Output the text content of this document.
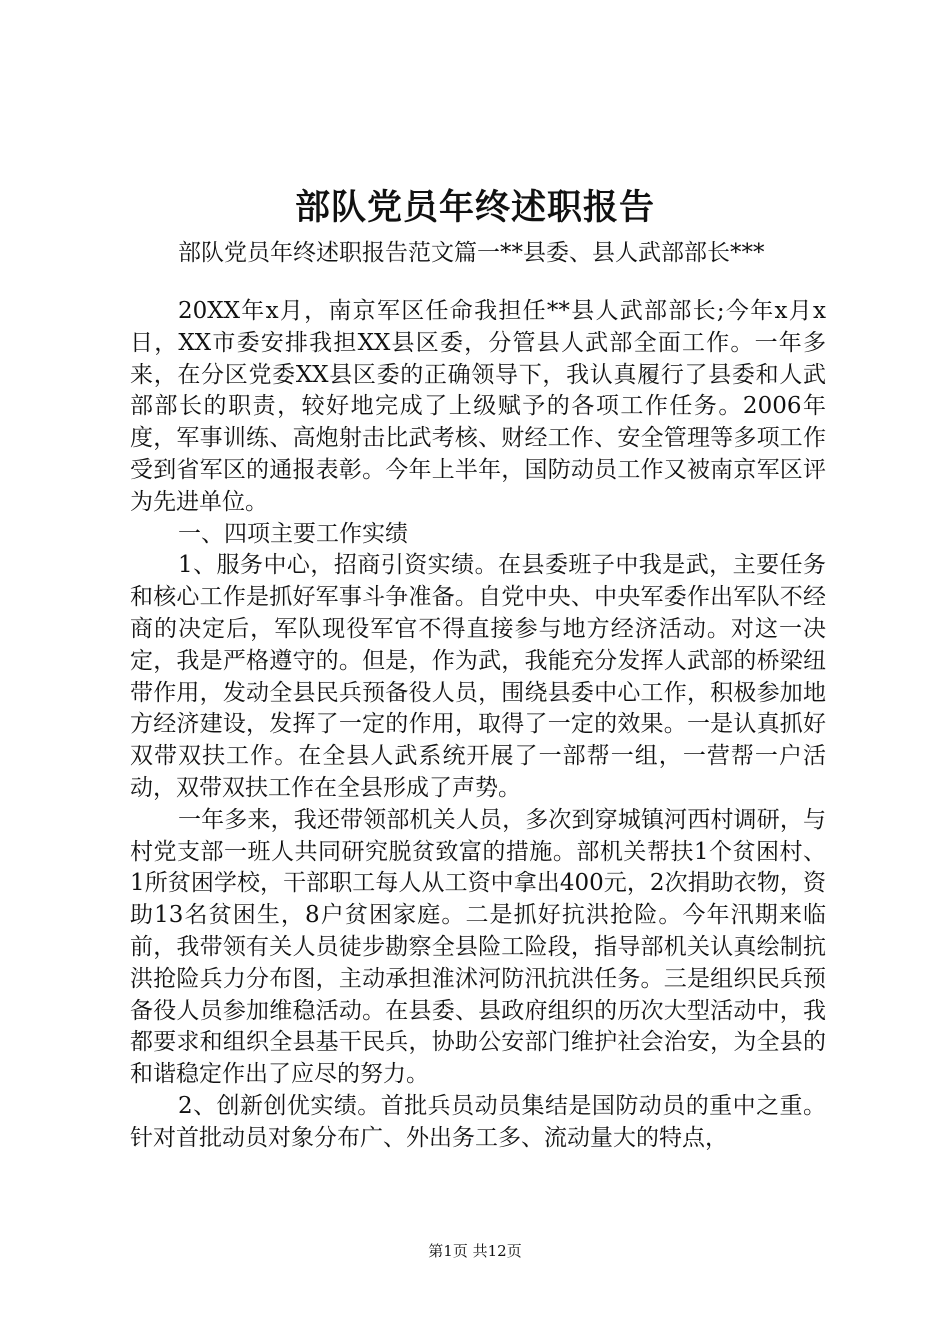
部队党员年终述职报告
部队党员年终述职报告范文篇一**县委、县人武部部长***

20XX年x月，南京军区任命我担任**县人武部部长;今年x月x日，XX市委安排我担XX县区委，分管县人武部全面工作。一年多来，在分区党委XX县区委的正确领导下，我认真履行了县委和人武部部长的职责，较好地完成了上级赋予的各项工作任务。2006年度，军事训练、高炮射击比武考核、财经工作、安全管理等多项工作受到省军区的通报表彰。今年上半年，国防动员工作又被南京军区评为先进单位。

一、四项主要工作实绩

1、服务中心，招商引资实绩。在县委班子中我是武，主要任务和核心工作是抓好军事斗争准备。自党中央、中央军委作出军队不经商的决定后，军队现役军官不得直接参与地方经济活动。对这一决定，我是严格遵守的。但是，作为武，我能充分发挥人武部的桥梁纽带作用，发动全县民兵预备役人员，围绕县委中心工作，积极参加地方经济建设，发挥了一定的作用，取得了一定的效果。一是认真抓好双带双扶工作。在全县人武系统开展了一部帮一组，一营帮一户活动，双带双扶工作在全县形成了声势。

一年多来，我还带领部机关人员，多次到穿城镇河西村调研，与村党支部一班人共同研究脱贫致富的措施。部机关帮扶1个贫困村、1所贫困学校，干部职工每人从工资中拿出400元，2次捐助衣物，资助13名贫困生，8户贫困家庭。二是抓好抗洪抢险。今年汛期来临前，我带领有关人员徒步勘察全县险工险段，指导部机关认真绘制抗洪抢险兵力分布图，主动承担淮沭河防汛抗洪任务。三是组织民兵预备役人员参加维稳活动。在县委、县政府组织的历次大型活动中，我都要求和组织全县基干民兵，协助公安部门维护社会治安，为全县的和谐稳定作出了应尽的努力。

2、创新创优实绩。首批兵员动员集结是国防动员的重中之重。针对首批动员对象分布广、外出务工多、流动量大的特点，

第1页 共12页
